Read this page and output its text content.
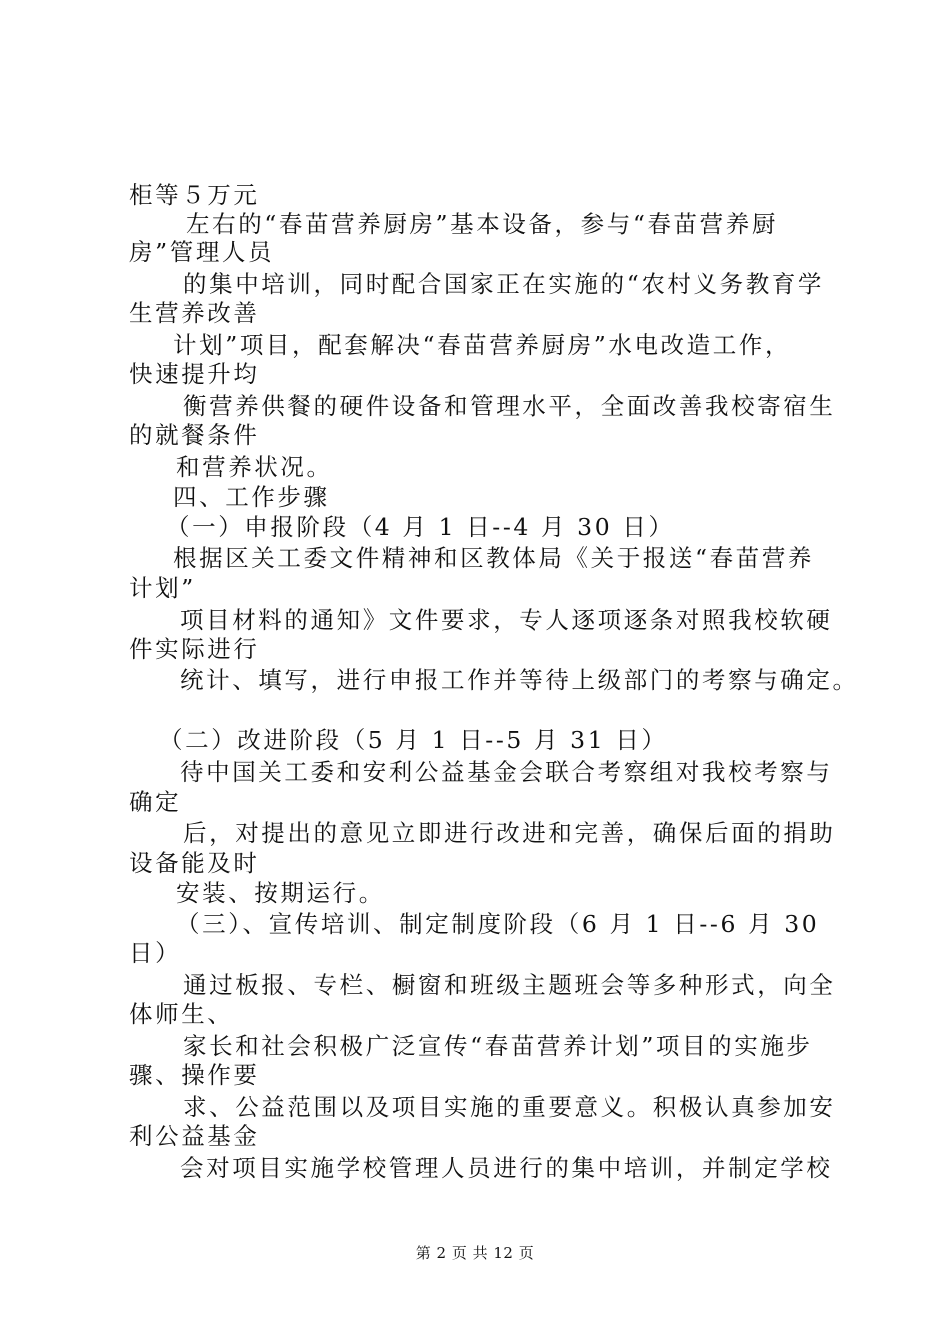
柜等５万元
左右的“春苗营养厨房”基本设备，参与“春苗营养厨
房”管理人员
的集中培训，同时配合国家正在实施的“农村义务教育学
生营养改善
计划”项目，配套解决“春苗营养厨房”水电改造工作，
快速提升均
衡营养供餐的硬件设备和管理水平，全面改善我校寄宿生
的就餐条件
和营养状况。
四、工作步骤
（一）申报阶段（4 月 1 日--4 月 30 日）
根据区关工委文件精神和区教体局《关于报送“春苗营养
计划”
项目材料的通知》文件要求，专人逐项逐条对照我校软硬
件实际进行
统计、填写，进行申报工作并等待上级部门的考察与确定。
（二）改进阶段（5 月 1 日--5 月 31 日）
待中国关工委和安利公益基金会联合考察组对我校考察与
确定
后，对提出的意见立即进行改进和完善，确保后面的捐助
设备能及时
安装、按期运行。
（三）、宣传培训、制定制度阶段（6 月 1 日--6 月 30
日）
通过板报、专栏、橱窗和班级主题班会等多种形式，向全
体师生、
家长和社会积极广泛宣传“春苗营养计划”项目的实施步
骤、操作要
求、公益范围以及项目实施的重要意义。积极认真参加安
利公益基金
会对项目实施学校管理人员进行的集中培训，并制定学校
第 2 页 共 12 页
